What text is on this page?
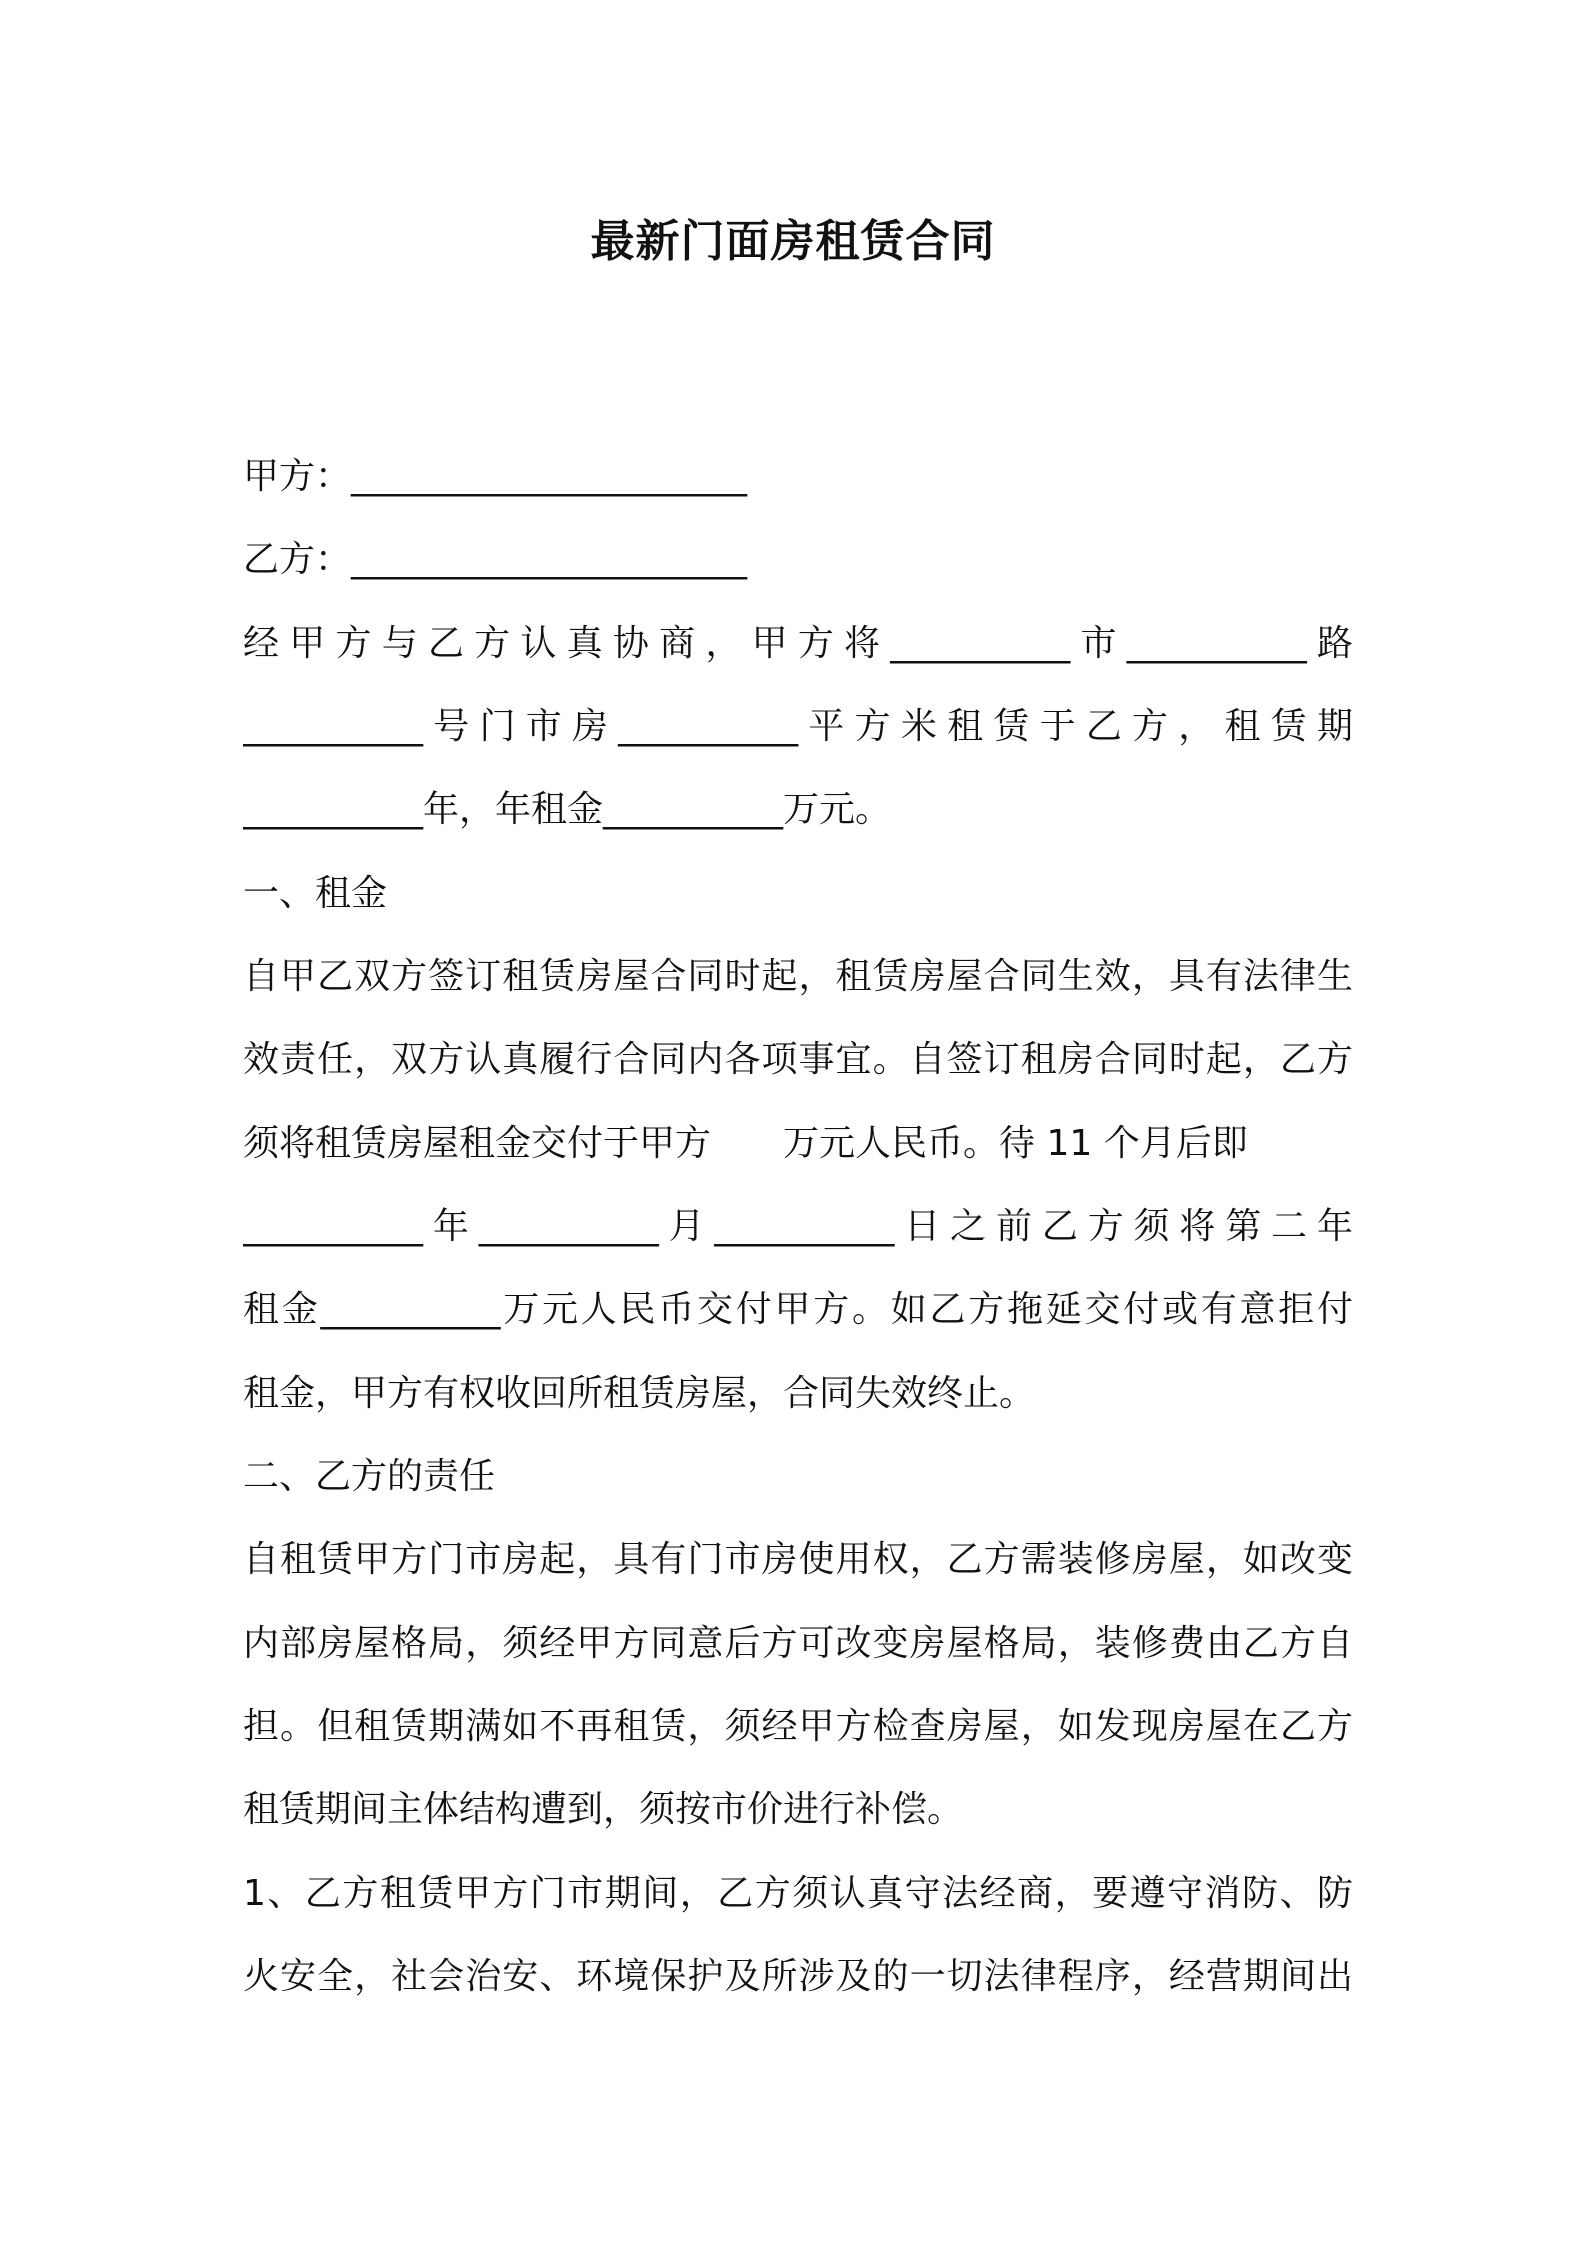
最新门面房租赁合同
甲方：______________________
乙方：______________________
经甲方与乙方认真协商，甲方将__________市__________路
__________号门市房__________平方米租赁于乙方，租赁期
__________年，年租金__________万元。
一、租金
自甲乙双方签订租赁房屋合同时起，租赁房屋合同生效，具有法律生
效责任，双方认真履行合同内各项事宜。自签订租房合同时起，乙方
须将租赁房屋租金交付于甲方　　万元人民币。待 11 个月后即
__________年__________月__________日之前乙方须将第二年
租金__________万元人民币交付甲方。如乙方拖延交付或有意拒付
租金，甲方有权收回所租赁房屋，合同失效终止。
二、乙方的责任
自租赁甲方门市房起，具有门市房使用权，乙方需装修房屋，如改变
内部房屋格局，须经甲方同意后方可改变房屋格局，装修费由乙方自
担。但租赁期满如不再租赁，须经甲方检查房屋，如发现房屋在乙方
租赁期间主体结构遭到，须按市价进行补偿。
1、乙方租赁甲方门市期间，乙方须认真守法经商，要遵守消防、防
火安全，社会治安、环境保护及所涉及的一切法律程序，经营期间出
